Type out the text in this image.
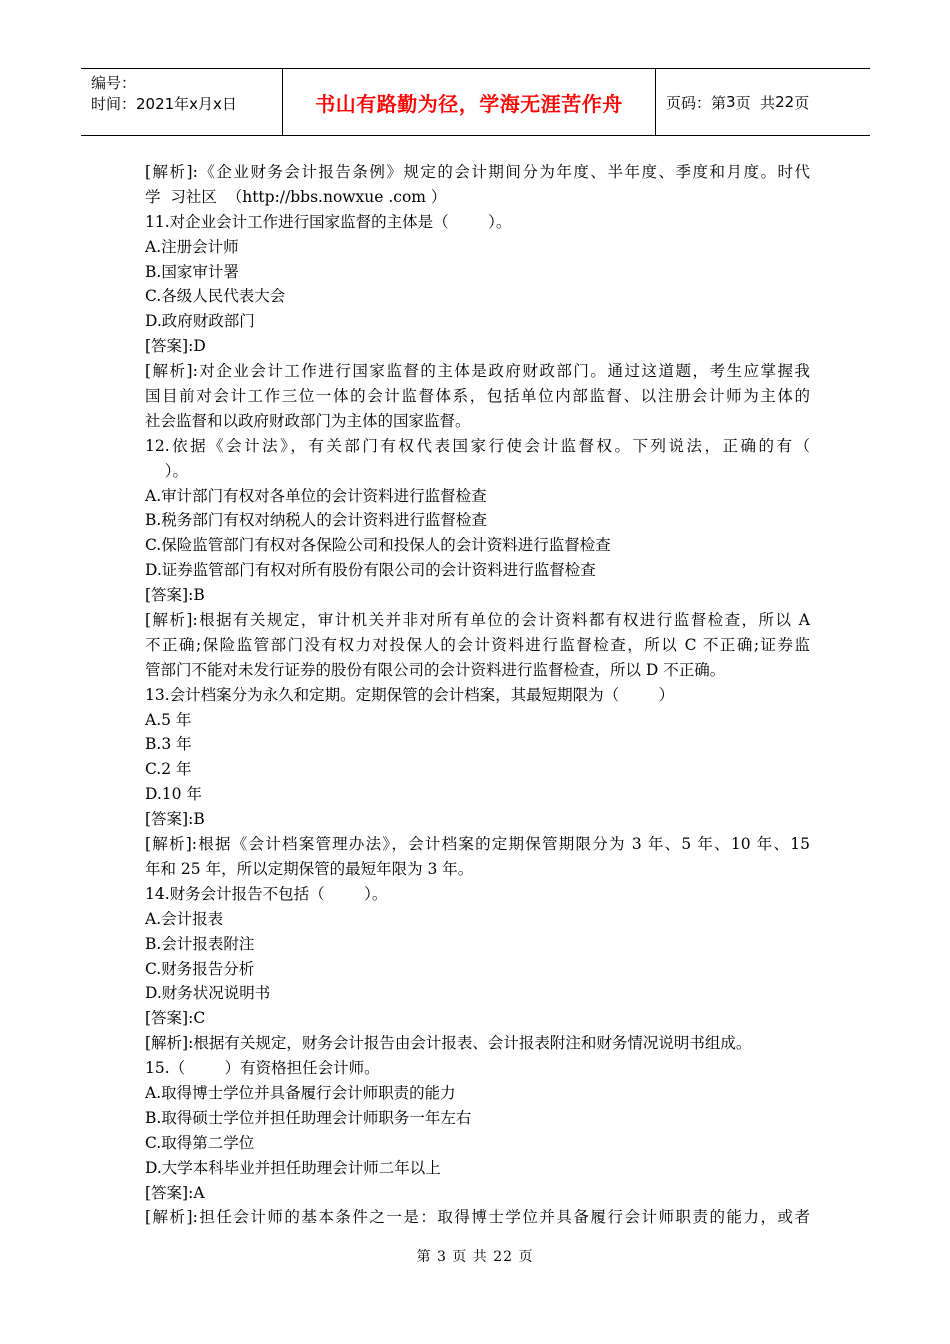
编号：
时间：2021年x月x日	书山有路勤为径，学海无涯苦作舟	页码：第 3 页  共 22 页
[解析]:《企业财务会计报告条例》规定的会计期间分为年度、半年度、季度和月度。时代
学  习社区  （http://bbs.nowxue .com ）
11.对企业会计工作进行国家监督的主体是（        ）。
A.注册会计师
B.国家审计署
C.各级人民代表大会
D.政府财政部门
[答案]:D
[解析]:对企业会计工作进行国家监督的主体是政府财政部门。通过这道题，考生应掌握我
国目前对会计工作三位一体的会计监督体系，包括单位内部监督、以注册会计师为主体的
社会监督和以政府财政部门为主体的国家监督。
12.依据《会计法》，有关部门有权代表国家行使会计监督权。下列说法，正确的有（
）。
A.审计部门有权对各单位的会计资料进行监督检查
B.税务部门有权对纳税人的会计资料进行监督检查
C.保险监管部门有权对各保险公司和投保人的会计资料进行监督检查
D.证券监管部门有权对所有股份有限公司的会计资料进行监督检查
[答案]:B
[解析]:根据有关规定，审计机关并非对所有单位的会计资料都有权进行监督检查，所以 A
不正确;保险监管部门没有权力对投保人的会计资料进行监督检查，所以 C 不正确;证券监
管部门不能对未发行证券的股份有限公司的会计资料进行监督检查，所以 D 不正确。
13.会计档案分为永久和定期。定期保管的会计档案，其最短期限为（        ）
A.5 年
B.3 年
C.2 年
D.10 年
[答案]:B
[解析]:根据《会计档案管理办法》，会计档案的定期保管期限分为 3 年、5 年、10 年、15
年和 25 年，所以定期保管的最短年限为 3 年。
14.财务会计报告不包括（        ）。
A.会计报表
B.会计报表附注
C.财务报告分析
D.财务状况说明书
[答案]:C
[解析]:根据有关规定，财务会计报告由会计报表、会计报表附注和财务情况说明书组成。
15.（        ）有资格担任会计师。
A.取得博士学位并具备履行会计师职责的能力
B.取得硕士学位并担任助理会计师职务一年左右
C.取得第二学位
D.大学本科毕业并担任助理会计师二年以上
[答案]:A
[解析]:担任会计师的基本条件之一是：取得博士学位并具备履行会计师职责的能力，或者
第 3 页 共 22 页
